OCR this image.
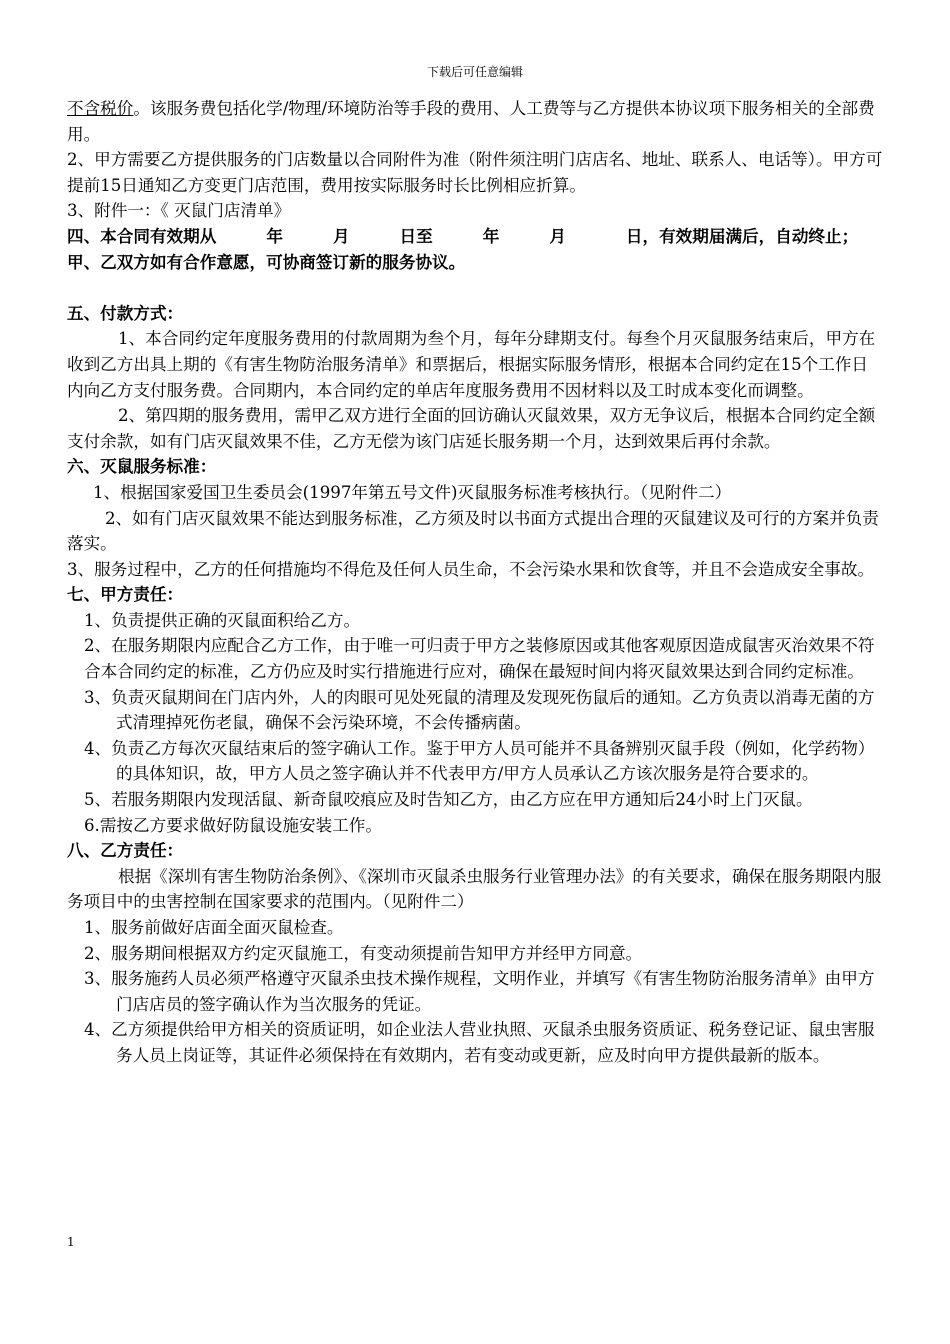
下载后可任意编辑

不含税价。该服务费包括化学/物理/环境防治等手段的费用、人工费等与乙方提供本协议项下服务相关的全部费用。

2、甲方需要乙方提供服务的门店数量以合同附件为准（附件须注明门店店名、地址、联系人、电话等）。甲方可提前15日通知乙方变更门店范围，费用按实际服务时长比例相应折算。

3、附件一：《 灭鼠门店清单》

四、本合同有效期从	年	月	日至	年	月	日，有效期届满后，自动终止；甲、乙双方如有合作意愿，可协商签订新的服务协议。

五、付款方式：

1、本合同约定年度服务费用的付款周期为叁个月，每年分肆期支付。每叁个月灭鼠服务结束后，甲方在收到乙方出具上期的《有害生物防治服务清单》和票据后，根据实际服务情形，根据本合同约定在15个工作日内向乙方支付服务费。合同期内，本合同约定的单店年度服务费用不因材料以及工时成本变化而调整。

2、第四期的服务费用，需甲乙双方进行全面的回访确认灭鼠效果，双方无争议后，根据本合同约定全额支付余款，如有门店灭鼠效果不佳，乙方无偿为该门店延长服务期一个月，达到效果后再付余款。

六、灭鼠服务标准：

1、根据国家爱国卫生委员会(1997年第五号文件)灭鼠服务标准考核执行。（见附件二）

2、如有门店灭鼠效果不能达到服务标准，乙方须及时以书面方式提出合理的灭鼠建议及可行的方案并负责落实。

3、服务过程中，乙方的任何措施均不得危及任何人员生命，不会污染水果和饮食等，并且不会造成安全事故。

七、甲方责任：

1、负责提供正确的灭鼠面积给乙方。

2、在服务期限内应配合乙方工作，由于唯一可归责于甲方之装修原因或其他客观原因造成鼠害灭治效果不符合本合同约定的标准，乙方仍应及时实行措施进行应对，确保在最短时间内将灭鼠效果达到合同约定标准。

3、负责灭鼠期间在门店内外，人的肉眼可见处死鼠的清理及发现死伤鼠后的通知。乙方负责以消毒无菌的方式清理掉死伤老鼠，确保不会污染环境，不会传播病菌。

4、负责乙方每次灭鼠结束后的签字确认工作。鉴于甲方人员可能并不具备辨别灭鼠手段（例如，化学药物）的具体知识，故，甲方人员之签字确认并不代表甲方/甲方人员承认乙方该次服务是符合要求的。

5、若服务期限内发现活鼠、新奇鼠咬痕应及时告知乙方，由乙方应在甲方通知后24小时上门灭鼠。

6.需按乙方要求做好防鼠设施安装工作。

八、乙方责任：

根据《深圳有害生物防治条例》、《深圳市灭鼠杀虫服务行业管理办法》的有关要求，确保在服务期限内服务项目中的虫害控制在国家要求的范围内。（见附件二）

1、服务前做好店面全面灭鼠检查。

2、服务期间根据双方约定灭鼠施工，有变动须提前告知甲方并经甲方同意。

3、服务施药人员必须严格遵守灭鼠杀虫技术操作规程，文明作业，并填写《有害生物防治服务清单》由甲方门店店员的签字确认作为当次服务的凭证。

4、乙方须提供给甲方相关的资质证明，如企业法人营业执照、灭鼠杀虫服务资质证、税务登记证、鼠虫害服务人员上岗证等，其证件必须保持在有效期内，若有变动或更新，应及时向甲方提供最新的版本。

1
